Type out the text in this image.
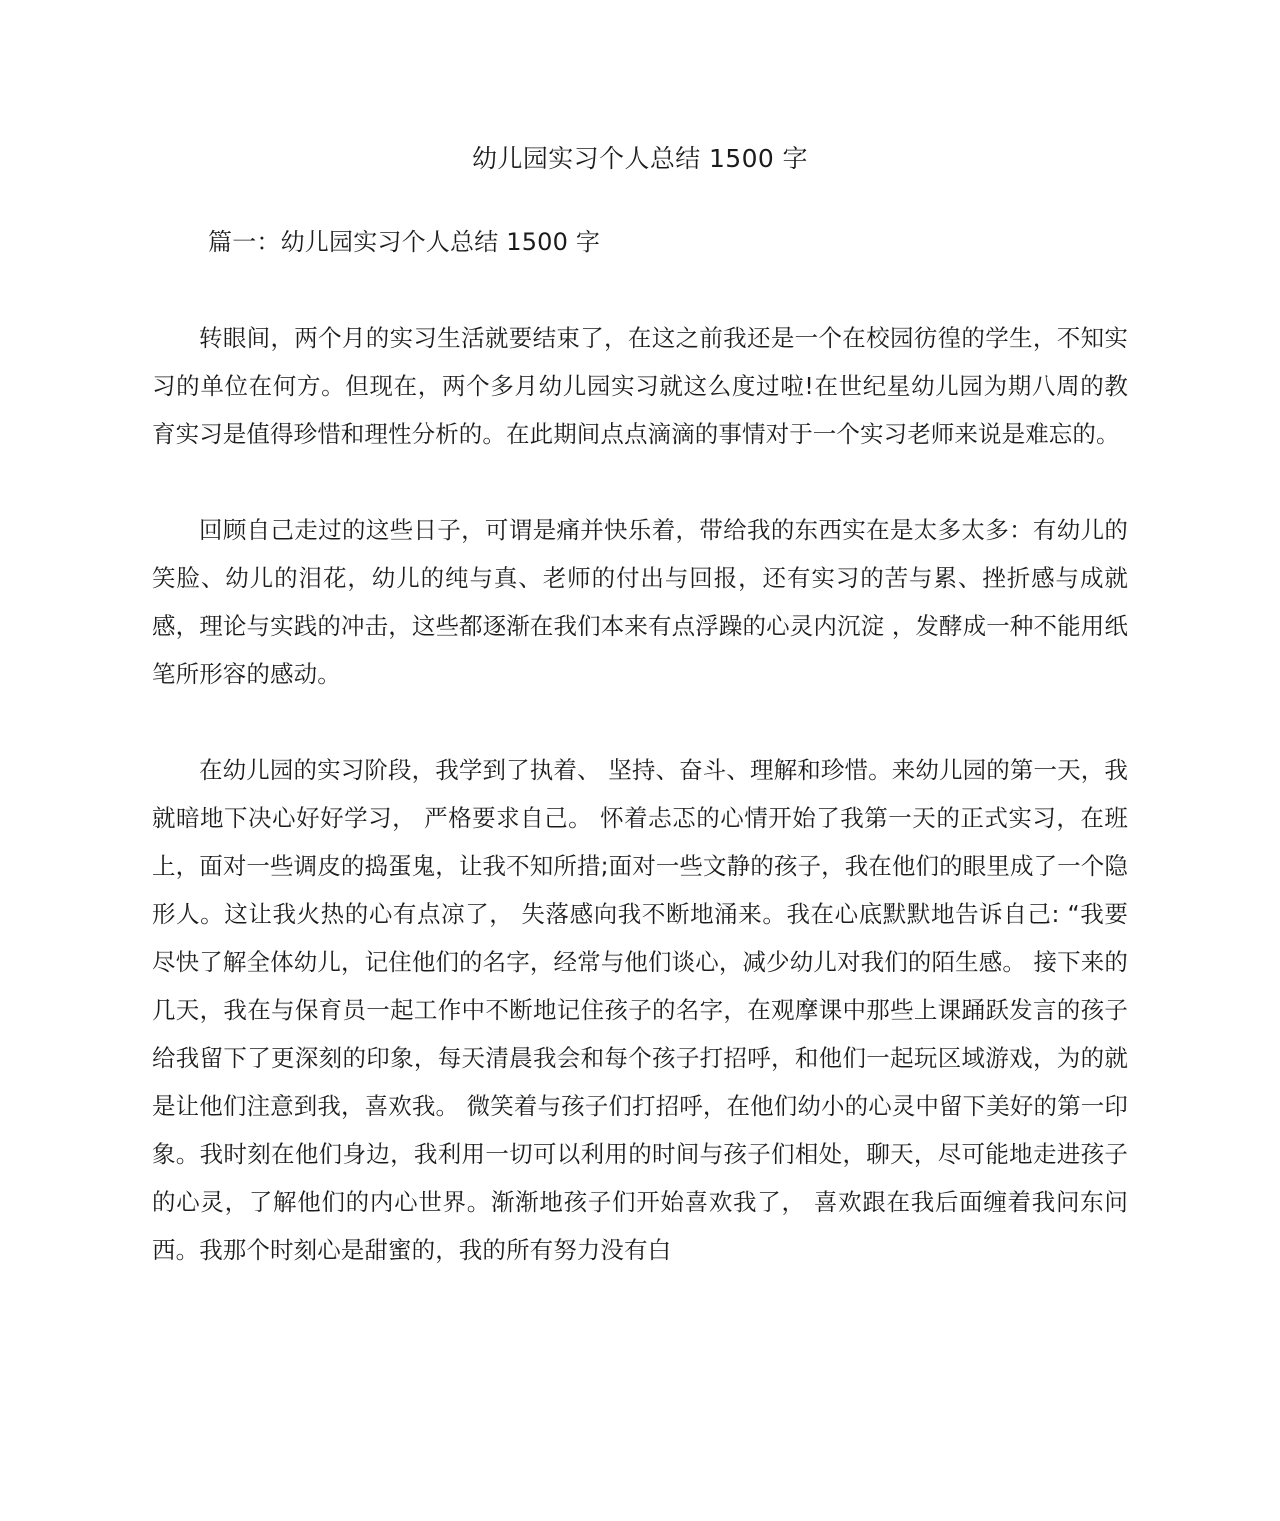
幼儿园实习个人总结 1500 字

篇一：幼儿园实习个人总结 1500 字

转眼间，两个月的实习生活就要结束了，在这之前我还是一个在校园彷徨的学生，不知实习的单位在何方。但现在，两个多月幼儿园实习就这么度过啦!在世纪星幼儿园为期八周的教育实习是值得珍惜和理性分析的。在此期间点点滴滴的事情对于一个实习老师来说是难忘的。

回顾自己走过的这些日子，可谓是痛并快乐着，带给我的东西实在是太多太多：有幼儿的笑脸、幼儿的泪花，幼儿的纯与真、老师的付出与回报，还有实习的苦与累、挫折感与成就感，理论与实践的冲击，这些都逐渐在我们本来有点浮躁的心灵内沉淀 ，发酵成一种不能用纸笔所形容的感动。

在幼儿园的实习阶段，我学到了执着、 坚持、奋斗、理解和珍惜。来幼儿园的第一天，我就暗地下决心好好学习， 严格要求自己。 怀着忐忑的心情开始了我第一天的正式实习，在班上，面对一些调皮的捣蛋鬼，让我不知所措;面对一些文静的孩子，我在他们的眼里成了一个隐形人。这让我火热的心有点凉了， 失落感向我不断地涌来。我在心底默默地告诉自己: “我要尽快了解全体幼儿，记住他们的名字，经常与他们谈心，减少幼儿对我们的陌生感。 接下来的几天，我在与保育员一起工作中不断地记住孩子的名字，在观摩课中那些上课踊跃发言的孩子给我留下了更深刻的印象，每天清晨我会和每个孩子打招呼，和他们一起玩区域游戏，为的就是让他们注意到我，喜欢我。 微笑着与孩子们打招呼，在他们幼小的心灵中留下美好的第一印象。我时刻在他们身边，我利用一切可以利用的时间与孩子们相处，聊天，尽可能地走进孩子的心灵，了解他们的内心世界。渐渐地孩子们开始喜欢我了， 喜欢跟在我后面缠着我问东问西。我那个时刻心是甜蜜的，我的所有努力没有白
